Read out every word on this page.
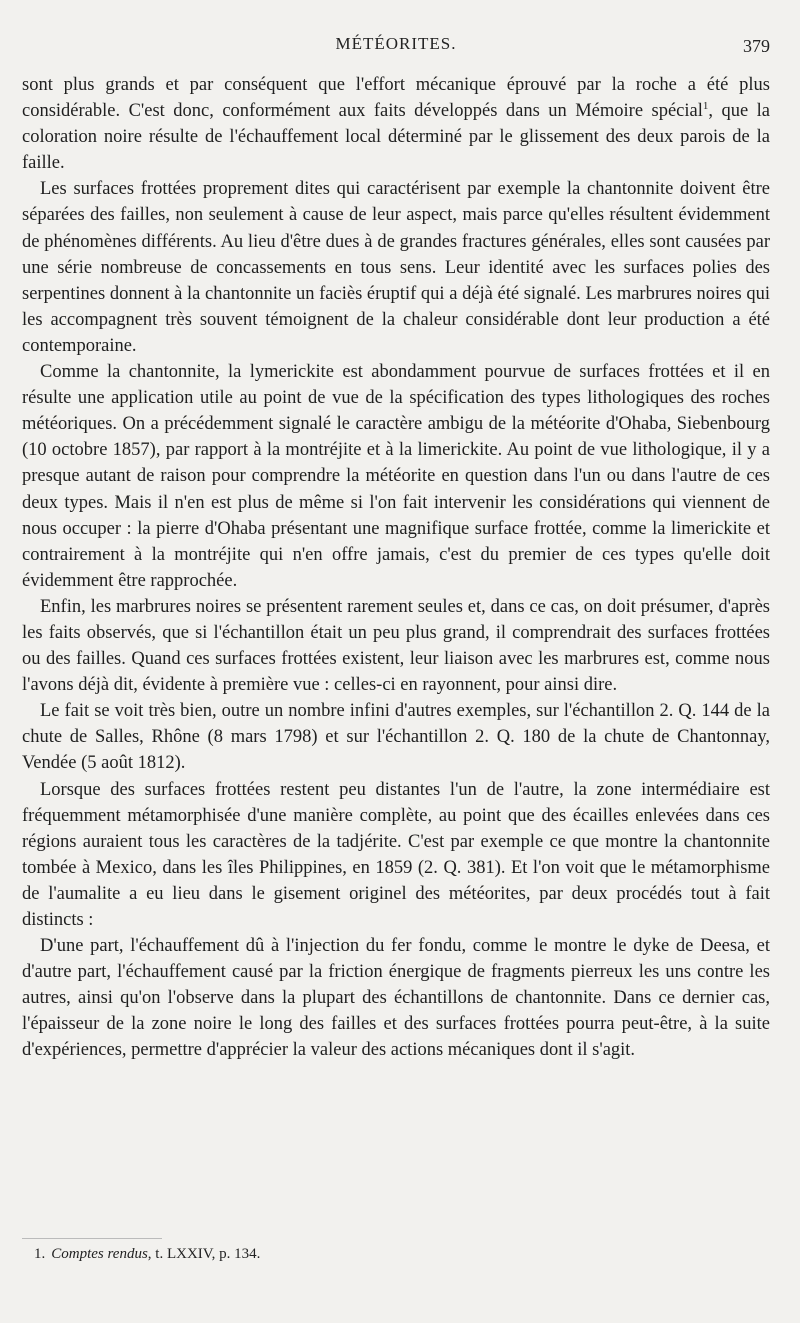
MÉTÉORITES.	379

sont plus grands et par conséquent que l'effort mécanique éprouvé par la roche a été plus considérable. C'est donc, conformément aux faits développés dans un Mémoire spécial$^1$, que la coloration noire résulte de l'échauffement local déterminé par le glissement des deux parois de la faille.

Les surfaces frottées proprement dites qui caractérisent par exemple la chantonnite doivent être séparées des failles, non seulement à cause de leur aspect, mais parce qu'elles résultent évidemment de phénomènes différents. Au lieu d'être dues à de grandes fractures générales, elles sont causées par une série nombreuse de concassements en tous sens. Leur identité avec les surfaces polies des serpentines donnent à la chantonnite un faciès éruptif qui a déjà été signalé. Les marbrures noires qui les accompagnent très souvent témoignent de la chaleur considérable dont leur production a été contemporaine.

Comme la chantonnite, la lymerickite est abondamment pourvue de surfaces frottées et il en résulte une application utile au point de vue de la spécification des types lithologiques des roches météoriques. On a précédemment signalé le caractère ambigu de la météorite d'Ohaba, Siebenbourg (10 octobre 1857), par rapport à la montréjite et à la limerickite. Au point de vue lithologique, il y a presque autant de raison pour comprendre la météorite en question dans l'un ou dans l'autre de ces deux types. Mais il n'en est plus de même si l'on fait intervenir les considérations qui viennent de nous occuper : la pierre d'Ohaba présentant une magnifique surface frottée, comme la limerickite et contrairement à la montréjite qui n'en offre jamais, c'est du premier de ces types qu'elle doit évidemment être rapprochée.

Enfin, les marbrures noires se présentent rarement seules et, dans ce cas, on doit présumer, d'après les faits observés, que si l'échantillon était un peu plus grand, il comprendrait des surfaces frottées ou des failles. Quand ces surfaces frottées existent, leur liaison avec les marbrures est, comme nous l'avons déjà dit, évidente à première vue : celles-ci en rayonnent, pour ainsi dire.

Le fait se voit très bien, outre un nombre infini d'autres exemples, sur l'échantillon 2. Q. 144 de la chute de Salles, Rhône (8 mars 1798) et sur l'échantillon 2. Q. 180 de la chute de Chantonnay, Vendée (5 août 1812).

Lorsque des surfaces frottées restent peu distantes l'un de l'autre, la zone intermédiaire est fréquemment métamorphisée d'une manière complète, au point que des écailles enlevées dans ces régions auraient tous les caractères de la tadjérite. C'est par exemple ce que montre la chantonnite tombée à Mexico, dans les îles Philippines, en 1859 (2. Q. 381). Et l'on voit que le métamorphisme de l'aumalite a eu lieu dans le gisement originel des météorites, par deux procédés tout à fait distincts :

D'une part, l'échauffement dû à l'injection du fer fondu, comme le montre le dyke de Deesa, et d'autre part, l'échauffement causé par la friction énergique de fragments pierreux les uns contre les autres, ainsi qu'on l'observe dans la plupart des échantillons de chantonnite. Dans ce dernier cas, l'épaisseur de la zone noire le long des failles et des surfaces frottées pourra peut-être, à la suite d'expériences, permettre d'apprécier la valeur des actions mécaniques dont il s'agit.

1. Comptes rendus, t. LXXIV, p. 134.
